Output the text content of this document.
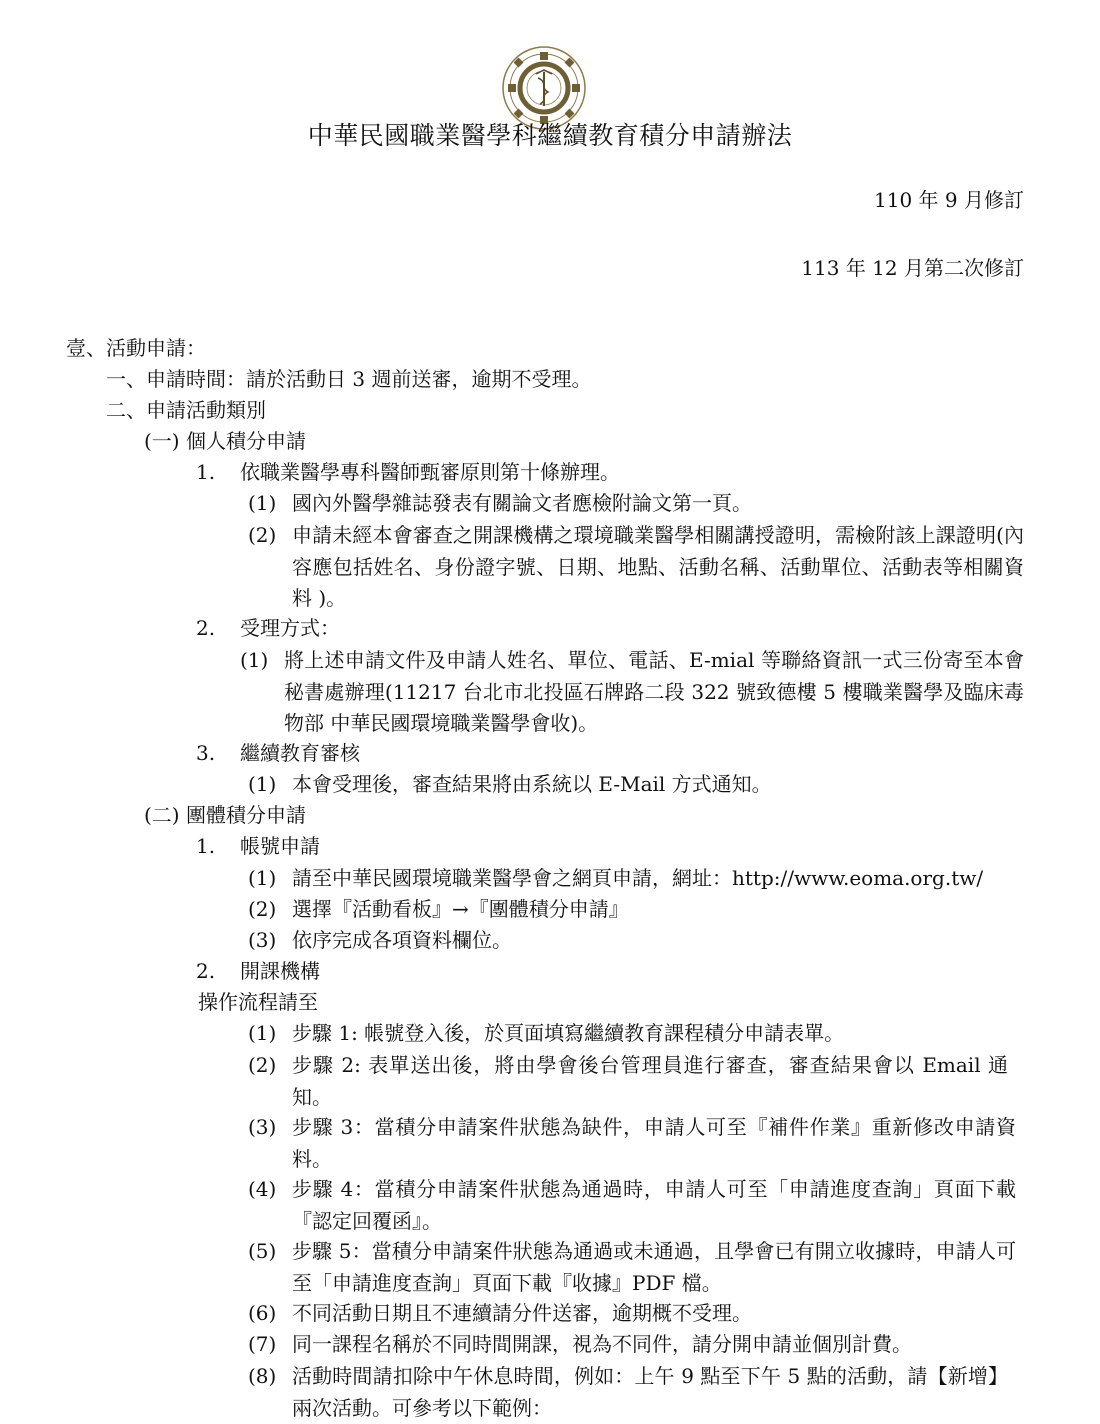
中華民國職業醫學科繼續教育積分申請辦法
110 年 9 月修訂
113 年 12 月第二次修訂
壹、活動申請：
一、申請時間：請於活動日 3 週前送審，逾期不受理。
二、申請活動類別
(一) 個人積分申請
1. 依職業醫學專科醫師甄審原則第十條辦理。
(1) 國內外醫學雜誌發表有關論文者應檢附論文第一頁。
(2) 申請未經本會審查之開課機構之環境職業醫學相關講授證明，需檢附該上課證明(內容應包括姓名、身份證字號、日期、地點、活動名稱、活動單位、活動表等相關資料 )。
2. 受理方式：
(1) 將上述申請文件及申請人姓名、單位、電話、E-mial 等聯絡資訊一式三份寄至本會秘書處辦理(11217 台北市北投區石牌路二段 322 號致德樓 5 樓職業醫學及臨床毒物部 中華民國環境職業醫學會收)。
3. 繼續教育審核
(1) 本會受理後，審查結果將由系統以 E-Mail 方式通知。
(二) 團體積分申請
1. 帳號申請
(1) 請至中華民國環境職業醫學會之網頁申請，網址：http://www.eoma.org.tw/
(2) 選擇『活動看板』→『團體積分申請』
(3) 依序完成各項資料欄位。
2. 開課機構
操作流程請至
(1) 步驟 1: 帳號登入後，於頁面填寫繼續教育課程積分申請表單。
(2) 步驟 2: 表單送出後，將由學會後台管理員進行審查，審查結果會以 Email 通知。
(3) 步驟 3：當積分申請案件狀態為缺件，申請人可至『補件作業』重新修改申請資料。
(4) 步驟 4：當積分申請案件狀態為通過時，申請人可至「申請進度查詢」頁面下載『認定回覆函』。
(5) 步驟 5：當積分申請案件狀態為通過或未通過，且學會已有開立收據時，申請人可至「申請進度查詢」頁面下載『收據』PDF 檔。
(6) 不同活動日期且不連續請分件送審，逾期概不受理。
(7) 同一課程名稱於不同時間開課，視為不同件，請分開申請並個別計費。
(8) 活動時間請扣除中午休息時間，例如：上午 9 點至下午 5 點的活動，請【新增】兩次活動。可參考以下範例：
